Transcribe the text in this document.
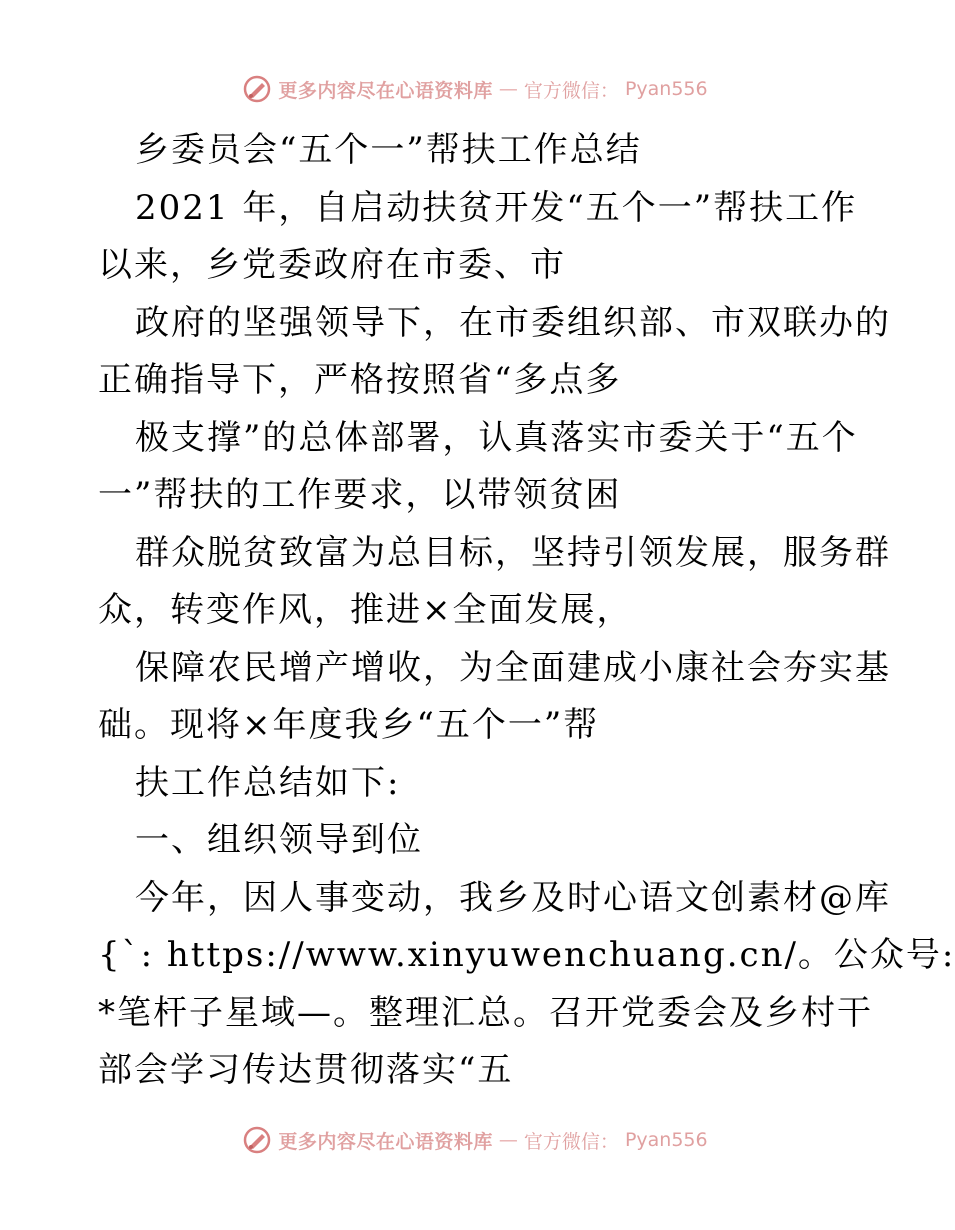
更多内容尽在心语资料库 — 官方微信： Pyan556
乡委员会“五个一”帮扶工作总结
2021 年，自启动扶贫开发“五个一”帮扶工作
以来，乡党委政府在市委、市
政府的坚强领导下，在市委组织部、市双联办的
正确指导下，严格按照省“多点多
极支撑”的总体部署，认真落实市委关于“五个
一”帮扶的工作要求，以带领贫困
群众脱贫致富为总目标，坚持引领发展，服务群
众，转变作风，推进×全面发展，
保障农民增产增收，为全面建成小康社会夯实基
础。现将×年度我乡“五个一”帮
扶工作总结如下:
一、组织领导到位
今年，因人事变动，我乡及时心语文创素材@库
{`: https://www.xinyuwenchuang.cn/。公众号:
*笔杆子星域—。整理汇总。召开党委会及乡村干
部会学习传达贯彻落实“五
更多内容尽在心语资料库 — 官方微信： Pyan556
